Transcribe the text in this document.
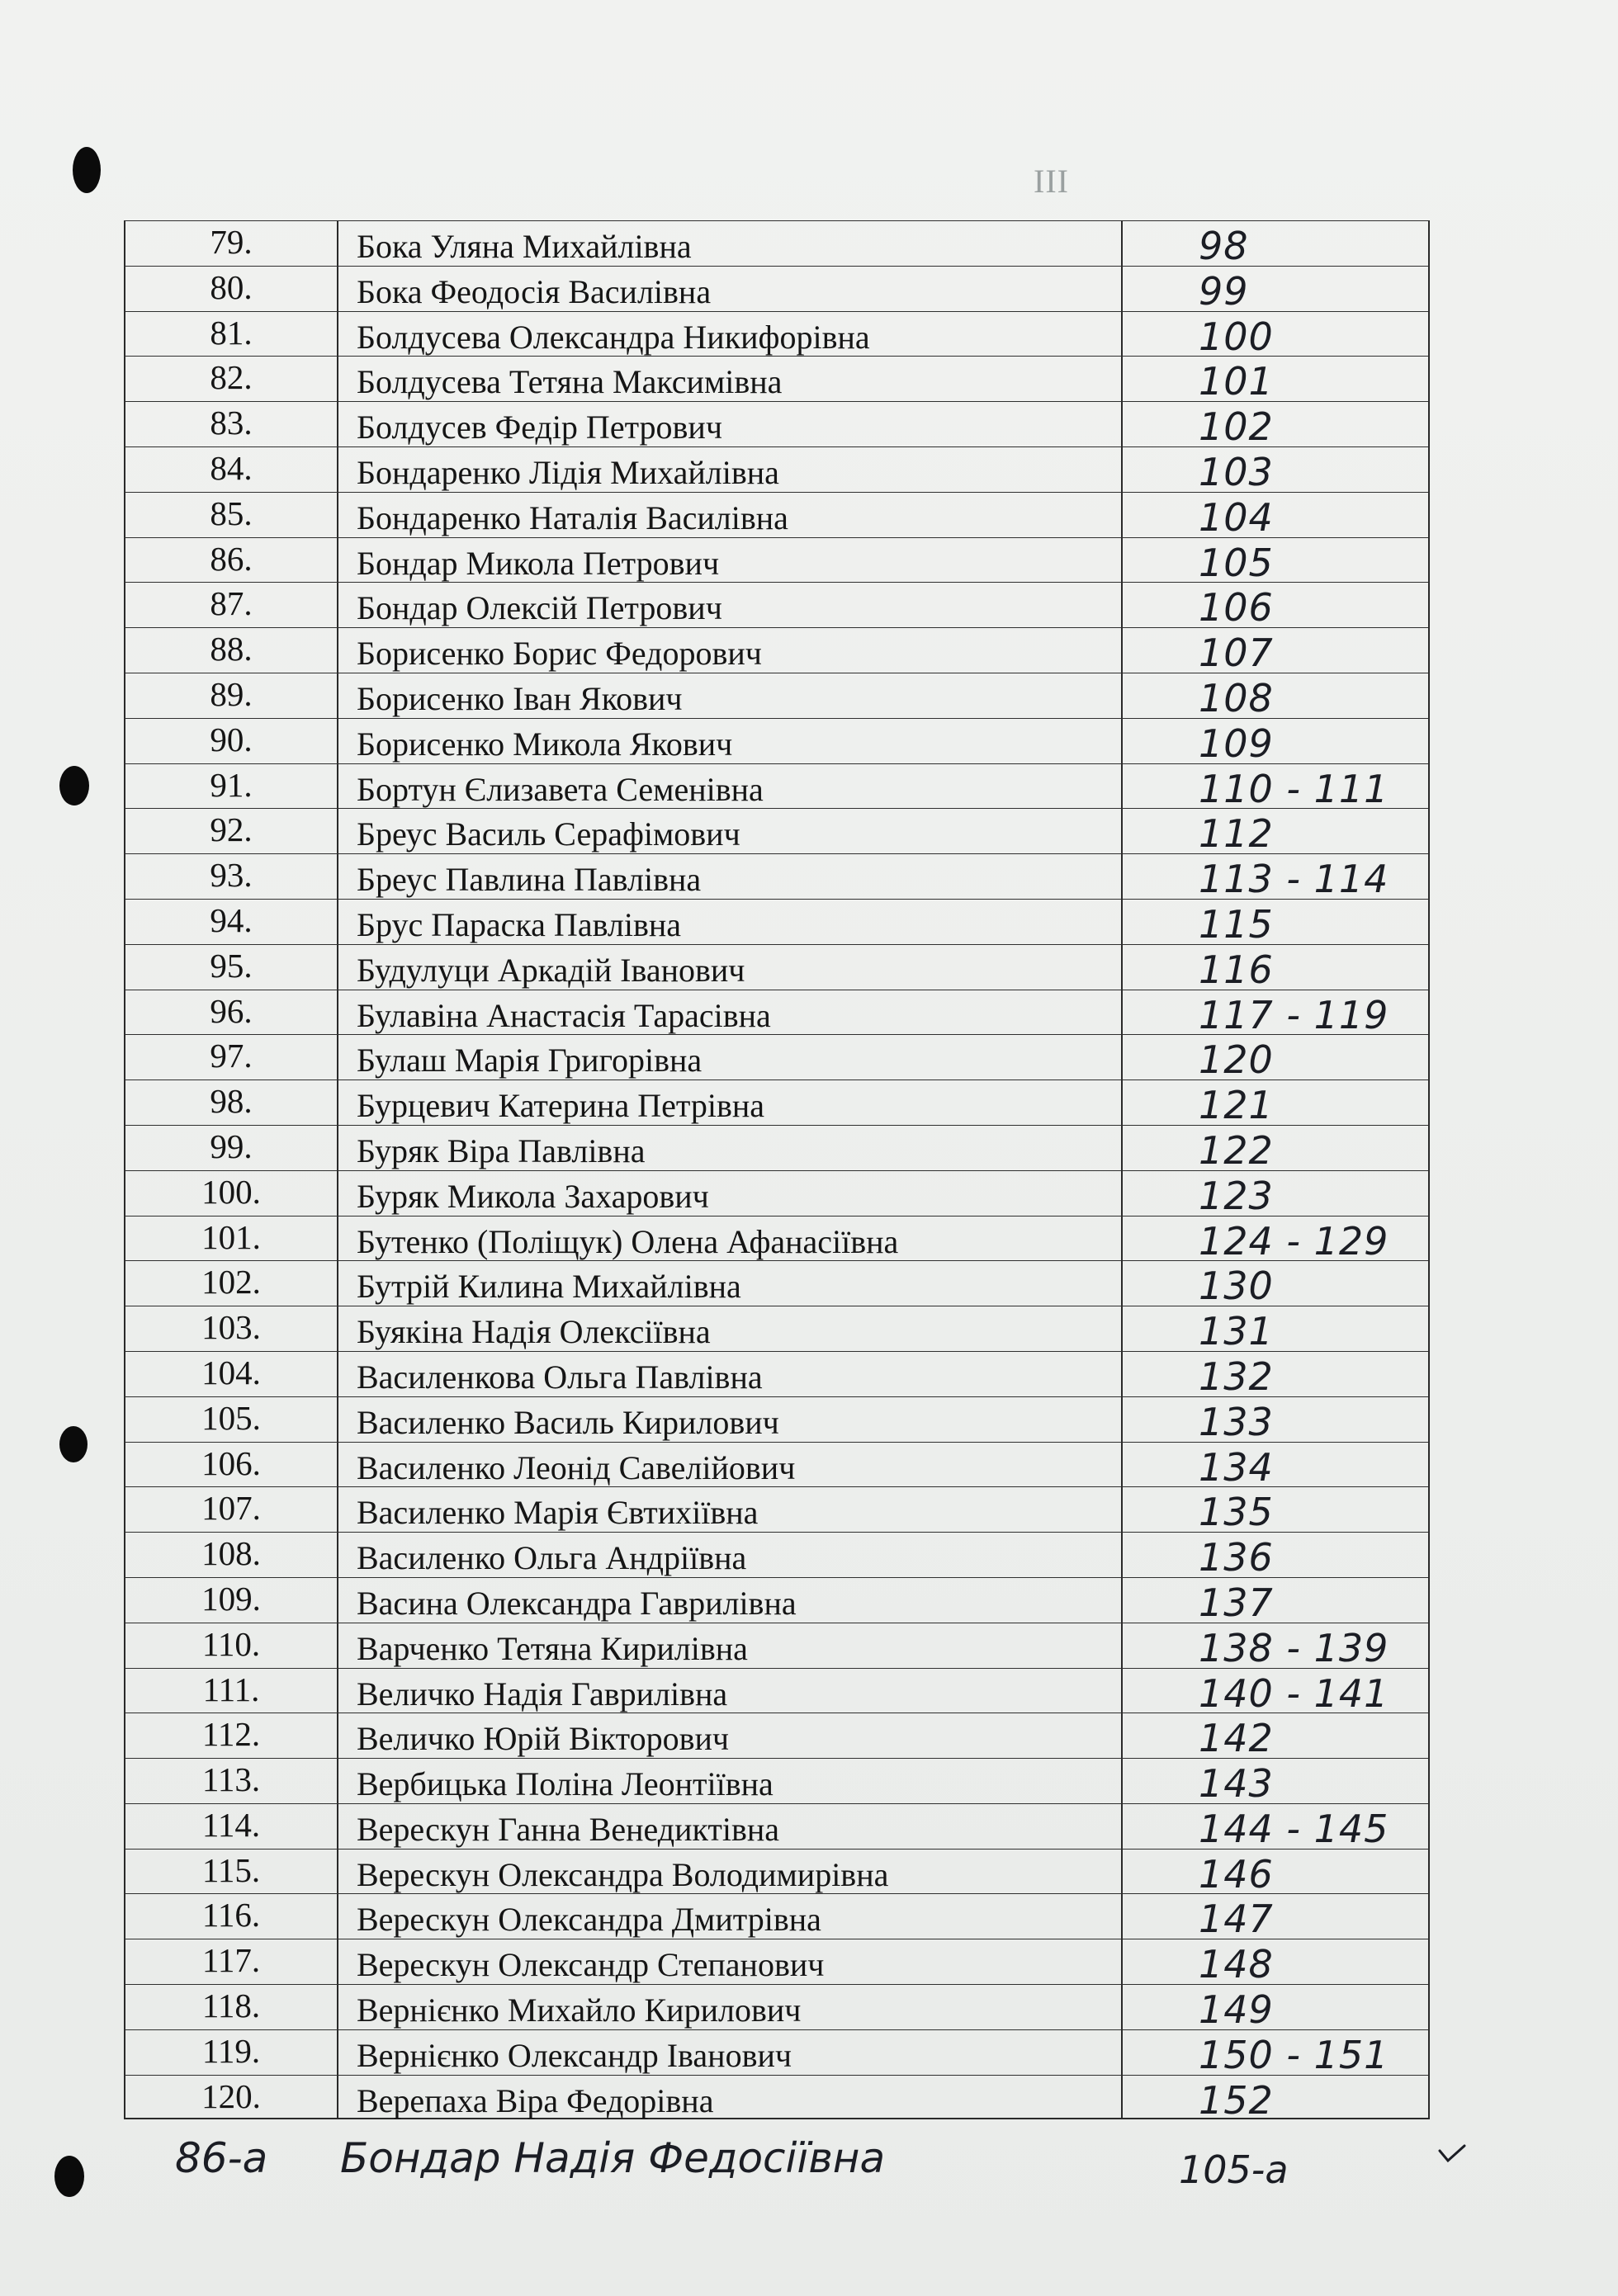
III
79.	Бока Уляна Михайлівна	98
80.	Бока Феодосія Василівна	99
81.	Болдусева Олександра Никифорівна	100
82.	Болдусева Тетяна Максимівна	101
83.	Болдусев Федір Петрович	102
84.	Бондаренко Лідія Михайлівна	103
85.	Бондаренко Наталія Василівна	104
86.	Бондар Микола Петрович	105
87.	Бондар Олексій Петрович	106
88.	Борисенко Борис Федорович	107
89.	Борисенко Іван Якович	108
90.	Борисенко Микола Якович	109
91.	Бортун Єлизавета Семенівна	110 - 111
92.	Бреус Василь Серафімович	112
93.	Бреус Павлина Павлівна	113 - 114
94.	Брус Параска Павлівна	115
95.	Будулуци Аркадій Іванович	116
96.	Булавіна Анастасія Тарасівна	117 - 119
97.	Булаш Марія Григорівна	120
98.	Бурцевич Катерина Петрівна	121
99.	Буряк Віра Павлівна	122
100.	Буряк Микола Захарович	123
101.	Бутенко (Поліщук) Олена Афанасіївна	124 - 129
102.	Бутрій Килина Михайлівна	130
103.	Буякіна Надія Олексіївна	131
104.	Василенкова Ольга Павлівна	132
105.	Василенко Василь Кирилович	133
106.	Василенко Леонід Савелійович	134
107.	Василенко Марія Євтихіївна	135
108.	Василенко Ольга Андріївна	136
109.	Васина Олександра Гаврилівна	137
110.	Варченко Тетяна Кирилівна	138 - 139
111.	Величко Надія Гаврилівна	140 - 141
112.	Величко Юрій Вікторович	142
113.	Вербицька Поліна Леонтіївна	143
114.	Верескун Ганна Венедиктівна	144 - 145
115.	Верескун Олександра Володимирівна	146
116.	Верескун Олександра Дмитрівна	147
117.	Верескун Олександр Степанович	148
118.	Вернієнко Михайло Кирилович	149
119.	Вернієнко Олександр Іванович	150 - 151
120.	Верепаха Віра Федорівна	152
86-а Бондар Надія Федосіївна	105-а
